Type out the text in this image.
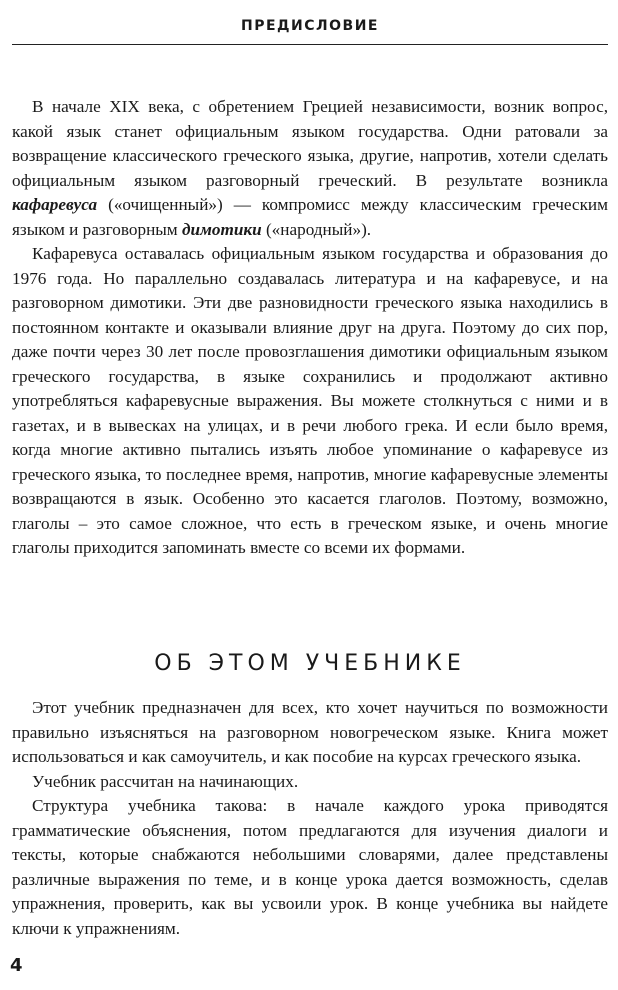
ПРЕДИСЛОВИЕ

В начале XIX века, с обретением Грецией независимости, возник вопрос, какой язык станет официальным языком государства. Одни ратовали за возвращение классического греческого языка, другие, напротив, хотели сделать официальным языком разговорный греческий. В результате возникла кафаревуса («очищенный») — компромисс между классическим греческим языком и разговорным димотики («народный»).

Кафаревуса оставалась официальным языком государства и образования до 1976 года. Но параллельно создавалась литература и на кафаревусе, и на разговорном димотики. Эти две разновидности греческого языка находились в постоянном контакте и оказывали влияние друг на друга. Поэтому до сих пор, даже почти через 30 лет после провозглашения димотики официальным языком греческого государства, в языке сохранились и продолжают активно употребляться кафаревусные выражения. Вы можете столкнуться с ними и в газетах, и в вывесках на улицах, и в речи любого грека. И если было время, когда многие активно пытались изъять любое упоминание о кафаревусе из греческого языка, то последнее время, напротив, многие кафаревусные элементы возвращаются в язык. Особенно это касается глаголов. Поэтому, возможно, глаголы – это самое сложное, что есть в греческом языке, и очень многие глаголы приходится запоминать вместе со всеми их формами.

ОБ ЭТОМ УЧЕБНИКЕ

Этот учебник предназначен для всех, кто хочет научиться по возможности правильно изъясняться на разговорном новогреческом языке. Книга может использоваться и как самоучитель, и как пособие на курсах греческого языка.

Учебник рассчитан на начинающих.

Структура учебника такова: в начале каждого урока приводятся грамматические объяснения, потом предлагаются для изучения диалоги и тексты, которые снабжаются небольшими словарями, далее представлены различные выражения по теме, и в конце урока дается возможность, сделав упражнения, проверить, как вы усвоили урок. В конце учебника вы найдете ключи к упражнениям.

4
